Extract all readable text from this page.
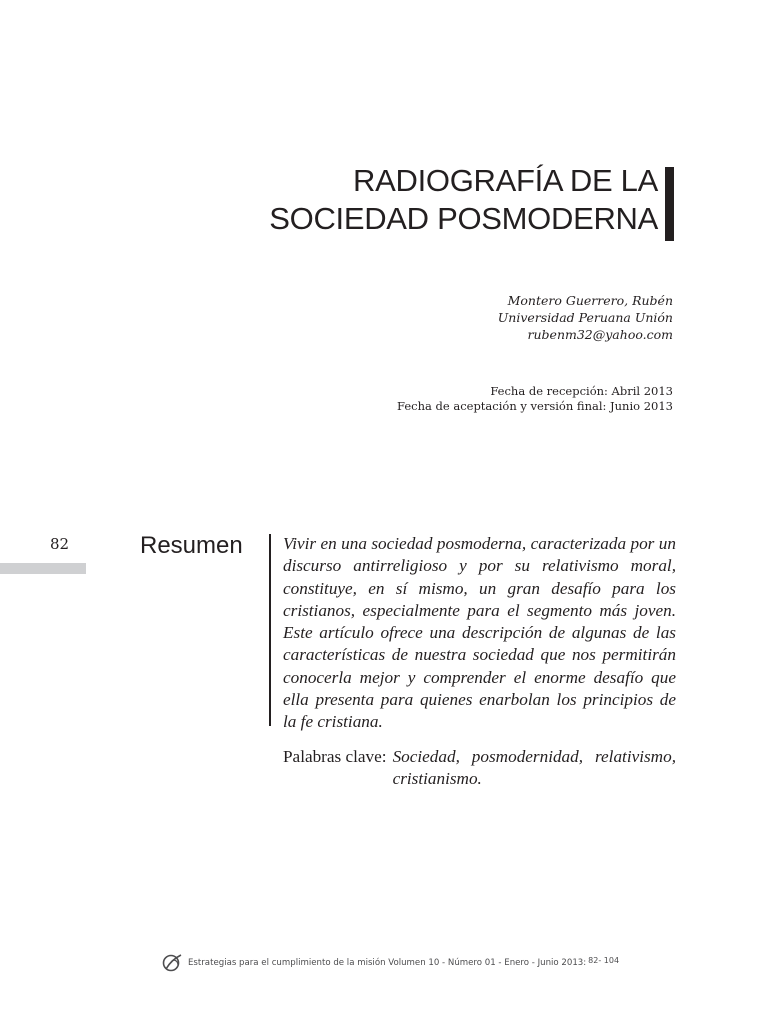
RADIOGRAFÍA DE LA
SOCIEDAD POSMODERNA
Montero Guerrero, Rubén
Universidad Peruana Unión
rubenm32@yahoo.com
Fecha de recepción: Abril 2013
Fecha de aceptación y versión final: Junio 2013
82	Resumen Vivir en una sociedad posmoderna, caracterizada por un discurso antirreligioso y por su relativismo moral, constituye, en sí mismo, un gran desafío para los cristianos, especialmente para el segmento más joven. Este artículo ofrece una descripción de algunas de las características de nuestra sociedad que nos permitirán conocerla mejor y comprender el enorme desafío que ella presenta para quienes enarbolan los principios de la fe cristiana.
Palabras clave: Sociedad, posmodernidad, relativismo, cristianismo.
Estrategias para el cumplimiento de la misión Volumen 10 - Número 01 - Enero - Junio 2013: 82- 104
